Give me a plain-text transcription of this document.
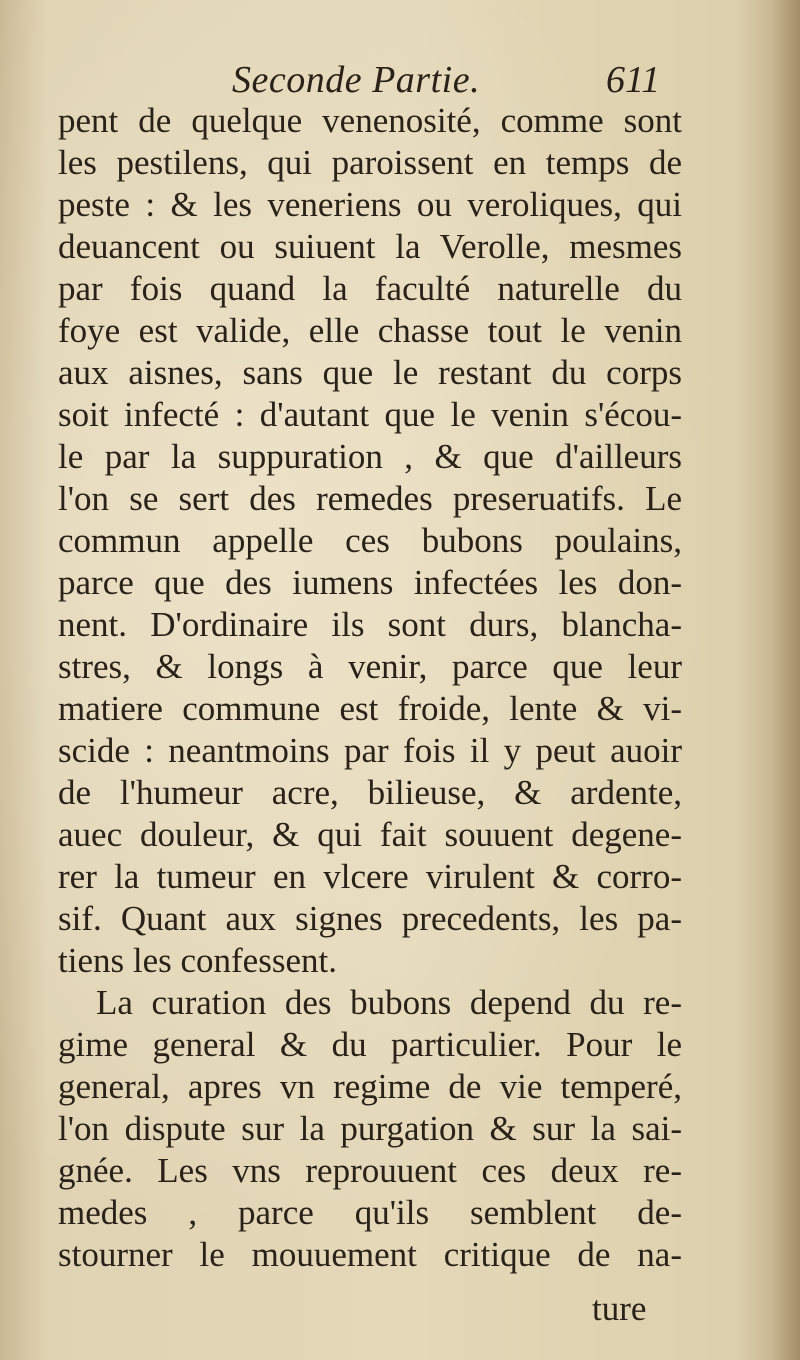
Seconde Partie.	611
pent de quelque venenosité, comme sont
les pestilens, qui paroissent en temps de
peste : & les veneriens ou veroliques, qui
deuancent ou suiuent la Verolle, mesmes
par fois quand la faculté naturelle du
foye est valide, elle chasse tout le venin
aux aisnes, sans que le restant du corps
soit infecté : d'autant que le venin s'écou-
le par la suppuration , & que d'ailleurs
l'on se sert des remedes preseruatifs. Le
commun appelle ces bubons poulains,
parce que des iumens infectées les don-
nent. D'ordinaire ils sont durs, blancha-
stres, & longs à venir, parce que leur
matiere commune est froide, lente & vi-
scide : neantmoins par fois il y peut auoir
de l'humeur acre, bilieuse, & ardente,
auec douleur, & qui fait souuent degene-
rer la tumeur en vlcere virulent & corro-
sif. Quant aux signes precedents, les pa-
tiens les confessent.
La curation des bubons depend du re-
gime general & du particulier. Pour le
general, apres vn regime de vie temperé,
l'on dispute sur la purgation & sur la sai-
gnée. Les vns reprouuent ces deux re-
medes , parce qu'ils semblent de-
stourner le mouuement critique de na-
ture
